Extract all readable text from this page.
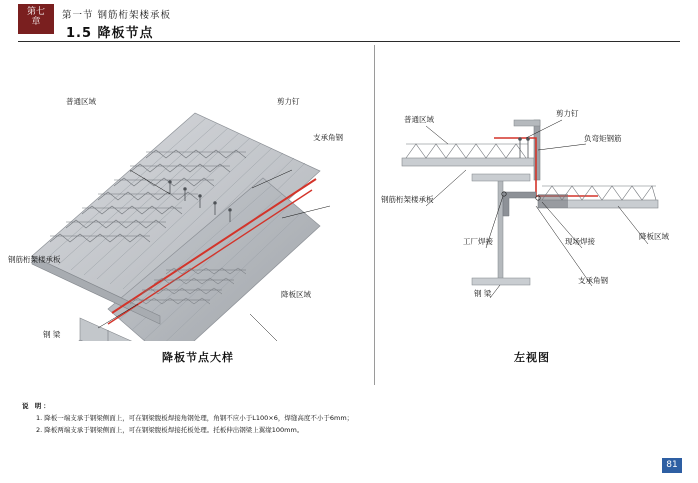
第七
章
第一节 钢筋桁架楼承板
1.5 降板节点
降板节点大样
普通区域	剪力钉
支承角钢
钢筋桁架楼承板
钢 梁
降板区域
左视图
普通区域
剪力钉
负弯矩钢筋
钢筋桁架楼承板
降板区域
工厂焊接	现场焊接
支承角钢
钢 梁
说 明：
1. 降板一端支承于钢梁侧面上，可在钢梁腹板焊接角钢处理，角钢不应小于L100×6，焊缝高度不小于6mm；
2. 降板两端支承于钢梁侧面上，可在钢梁腹板焊接托板处理。托板伸出钢梁上翼缘100mm。
81
